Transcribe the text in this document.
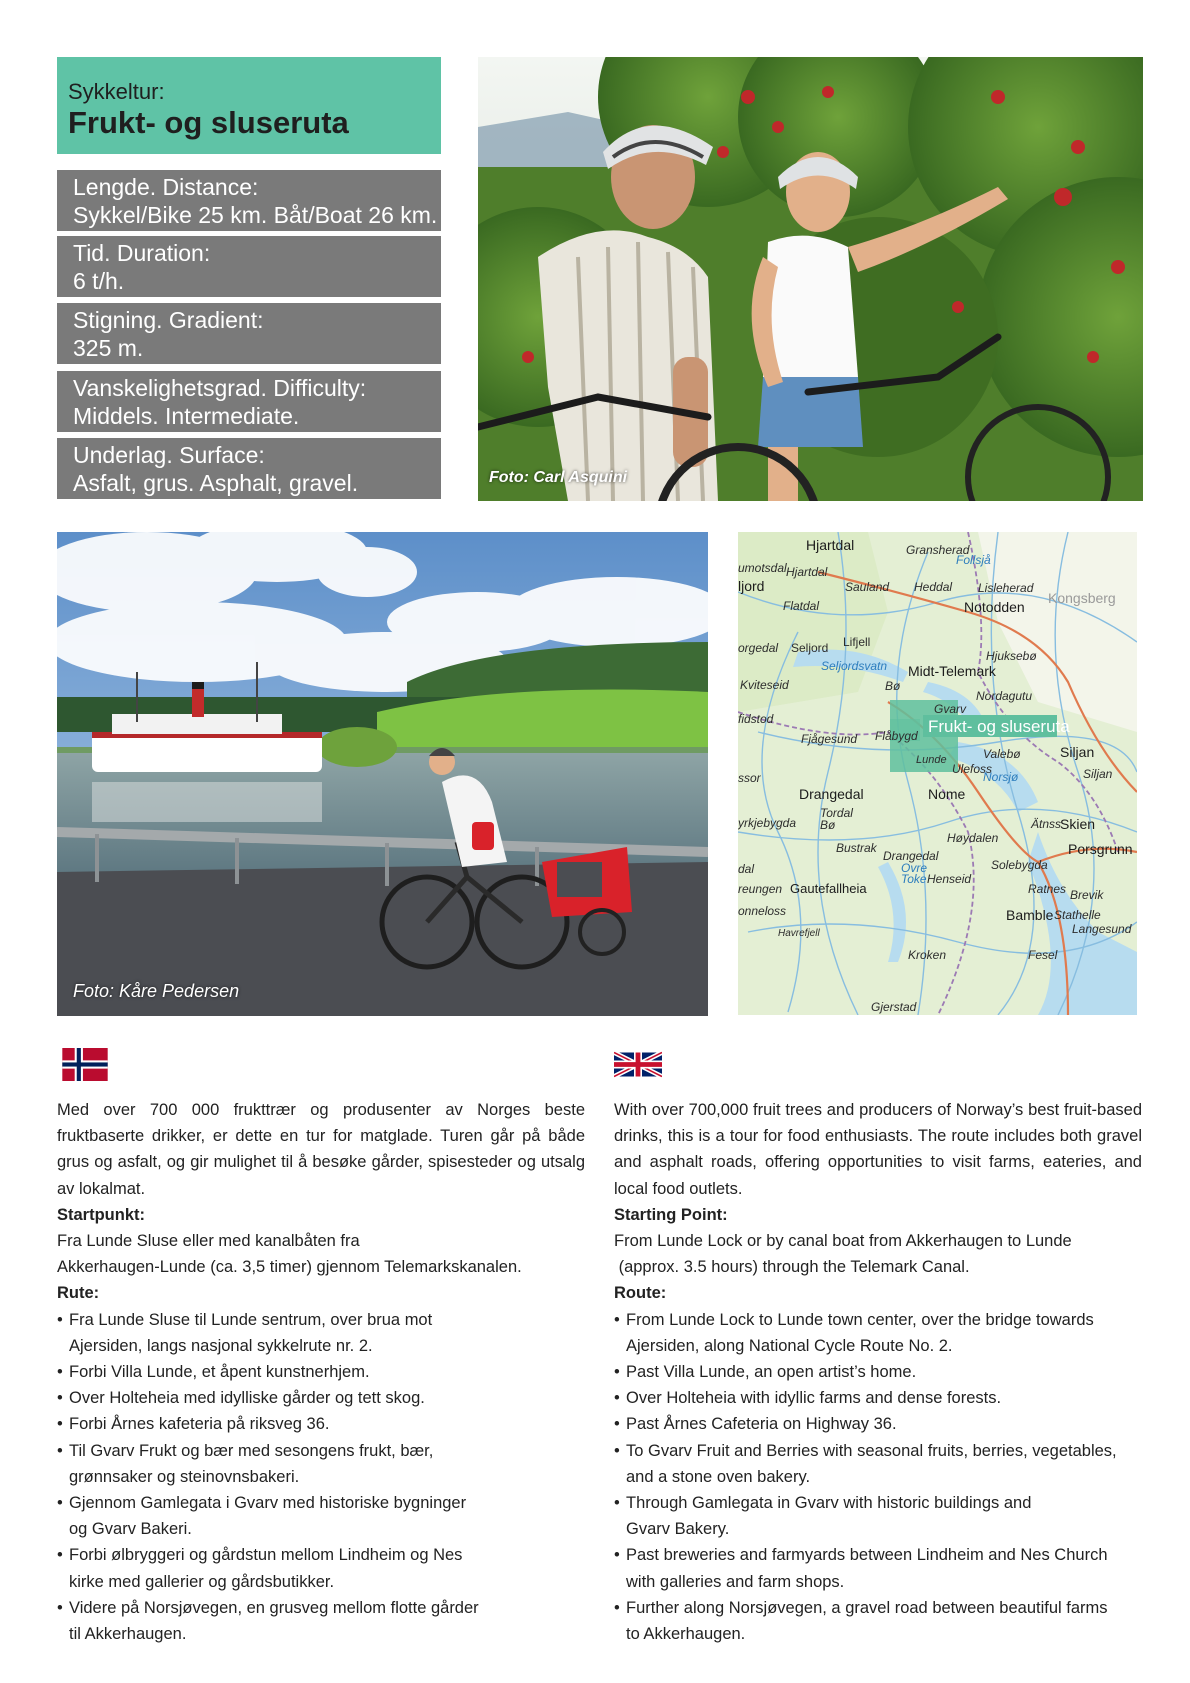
Sykkeltur:
Frukt- og sluseruta
Lengde. Distance:
Sykkel/Bike 25 km. Båt/Boat 26 km.
Tid. Duration:
6 t/h.
Stigning. Gradient:
325 m.
Vanskelighetsgrad. Difficulty:
Middels. Intermediate.
Underlag. Surface:
Asfalt, grus. Asphalt, gravel.	Foto: Carl Asquini
Foto: Kåre Pedersen
Hjartdal	Gransherad
Follsjå
umotsdal Hjartdal
ljord	Sauland Heddal Lisleherad
Kongsberg
Notodden
Flatdal
orgedal Seljord Lifjell
Hjuksebø
Seljordsvatn Midt-Telemark
Kviteseid	Bø
Nordagutu
Gvarv
fidstod
Fjågesund Flåbygd Frukt- og sluseruta
Valebø	Siljan
Lunde
Ulefoss
Norsjø	Siljan
ssor
Drangedal	Nome
Tordal
Bø	Ätnss
Skien
yrkjebygda
Høydalen
Bustrak
Drangedal	Porsgrunn
dal	Solebygda
Ovre
Toke Henseid
Ratnes Brevik
reungen Gautefallheia
Bamble Stathelle
onneloss
Havrefjell	Langesund
Kroken	Fesel
Gjerstad

Med over 700 000 frukttrær og produsenter av Norges beste fruktbaserte drikker, er dette en tur for matglade. Turen går på både grus og asfalt, og gir mulighet til å besøke gårder, spisesteder og utsalg av lokalmat.

Startpunkt:

Fra Lunde Sluse eller med kanalbåten fra

Akkerhaugen-Lunde (ca. 3,5 timer) gjennom Telemarkskanalen.

Rute:

• Fra Lunde Sluse til Lunde sentrum, over brua mot
Ajersiden, langs nasjonal sykkelrute nr. 2.
• Forbi Villa Lunde, et åpent kunstnerhjem.
• Over Holteheia med idylliske gårder og tett skog.
• Forbi Årnes kafeteria på riksveg 36.
• Til Gvarv Frukt og bær med sesongens frukt, bær,
grønnsaker og steinovnsbakeri.
• Gjennom Gamlegata i Gvarv med historiske bygninger
og Gvarv Bakeri.
• Forbi ølbryggeri og gårdstun mellom Lindheim og Nes
kirke med gallerier og gårdsbutikker.
• Videre på Norsjøvegen, en grusveg mellom flotte gårder
til Akkerhaugen.

With over 700,000 fruit trees and producers of Norway’s best fruit-based drinks, this is a tour for food enthusiasts. The route includes both gravel and asphalt roads, offering opportunities to visit farms, eateries, and local food outlets.

Starting Point:

From Lunde Lock or by canal boat from Akkerhaugen to Lunde

(approx. 3.5 hours) through the Telemark Canal.

Route:

• From Lunde Lock to Lunde town center, over the bridge towards
Ajersiden, along National Cycle Route No. 2.
• Past Villa Lunde, an open artist’s home.
• Over Holteheia with idyllic farms and dense forests.
• Past Årnes Cafeteria on Highway 36.
• To Gvarv Fruit and Berries with seasonal fruits, berries, vegetables,
and a stone oven bakery.
• Through Gamlegata in Gvarv with historic buildings and
Gvarv Bakery.
• Past breweries and farmyards between Lindheim and Nes Church
with galleries and farm shops.
• Further along Norsjøvegen, a gravel road between beautiful farms
to Akkerhaugen.
